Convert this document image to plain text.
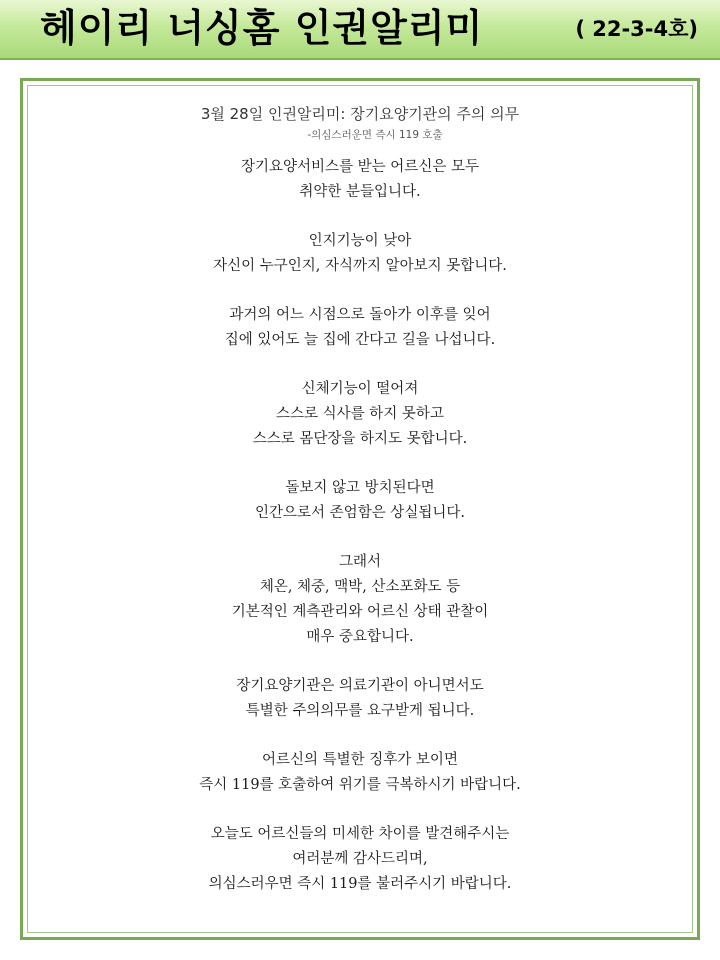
헤이리 너싱홈 인권알리미	( 22-3-4호)
3월 28일 인권알리미: 장기요양기관의 주의 의무
-의심스러운면 즉시 119 호출
장기요양서비스를 받는 어르신은 모두
취약한 분들입니다.
인지기능이 낮아
자신이 누구인지, 자식까지 알아보지 못합니다.
과거의 어느 시점으로 돌아가 이후를 잊어
집에 있어도 늘 집에 간다고 길을 나섭니다.
신체기능이 떨어져
스스로 식사를 하지 못하고
스스로 몸단장을 하지도 못합니다.
돌보지 않고 방치된다면
인간으로서 존엄함은 상실됩니다.
그래서
체온, 체중, 맥박, 산소포화도 등
기본적인 계측관리와 어르신 상태 관찰이
매우 중요합니다.
장기요양기관은 의료기관이 아니면서도
특별한 주의의무를 요구받게 됩니다.
어르신의 특별한 징후가 보이면
즉시 119를 호출하여 위기를 극복하시기 바랍니다.
오늘도 어르신들의 미세한 차이를 발견해주시는
여러분께 감사드리며,
의심스러우면 즉시 119를 불러주시기 바랍니다.
